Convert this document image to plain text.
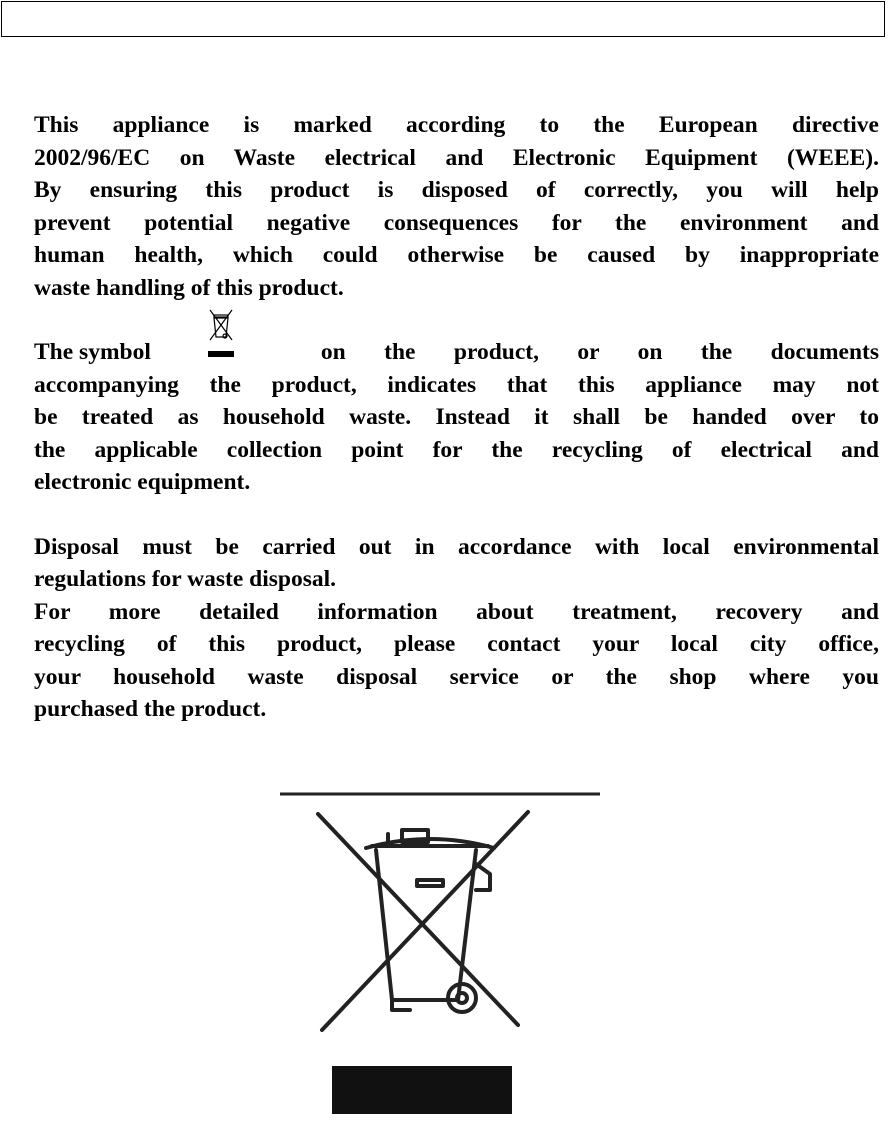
This appliance is marked according to the European directive
2002/96/EC on Waste electrical and Electronic Equipment (WEEE).
By ensuring this product is disposed of correctly, you will help
prevent potential negative consequences for the environment and
human health, which could otherwise be caused by inappropriate
waste handling of this product.
The symbol	on the product, or on the documents
accompanying the product, indicates that this appliance may not
be treated as household waste. Instead it shall be handed over to
the applicable collection point for the recycling of electrical and
electronic equipment.
Disposal must be carried out in accordance with local environmental
regulations for waste disposal.
For more detailed information about treatment, recovery and
recycling of this product, please contact your local city office,
your household waste disposal service or the shop where you
purchased the product.
